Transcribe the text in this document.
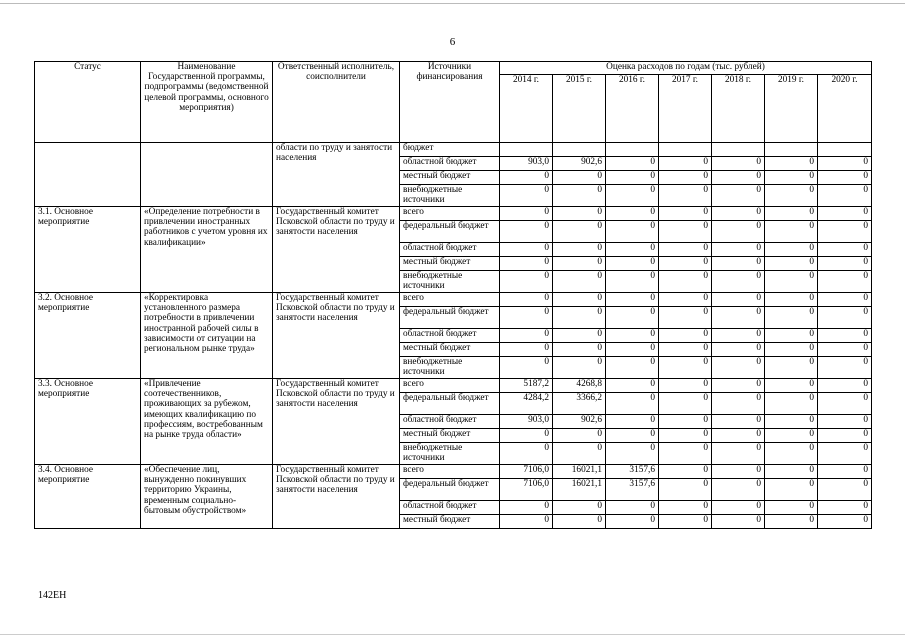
6
Статус	Наименование Государственной программы, подпрограммы (ведомственной целевой программы, основного мероприятия)	Ответственный исполнитель, соисполнители	Источники финансирования	Оценка расходов по годам (тыс. рублей)						
				2014 г.	2015 г.	2016 г.	2017 г.	2018 г.	2019 г.	2020 г.
		области по труду и занятости населения	бюджет							
			областной бюджет	903,0	902,6	0	0	0	0	0
			местный бюджет	0	0	0	0	0	0	0
			внебюджетные источники	0	0	0	0	0	0	0
3.1. Основное мероприятие	«Определение потребности в привлечении иностранных работников с учетом уровня их квалификации»	Государственный комитет Псковской области по труду и занятости населения	всего	0	0	0	0	0	0	0
			федеральный бюджет	0	0	0	0	0	0	0
			областной бюджет	0	0	0	0	0	0	0
			местный бюджет	0	0	0	0	0	0	0
			внебюджетные источники	0	0	0	0	0	0	0
3.2. Основное мероприятие	«Корректировка установленного размера потребности в привлечении иностранной рабочей силы в зависимости от ситуации на региональном рынке труда»	Государственный комитет Псковской области по труду и занятости населения	всего	0	0	0	0	0	0	0
			федеральный бюджет	0	0	0	0	0	0	0
			областной бюджет	0	0	0	0	0	0	0
			местный бюджет	0	0	0	0	0	0	0
			внебюджетные источники	0	0	0	0	0	0	0
3.3. Основное мероприятие	«Привлечение соотечественников, проживающих за рубежом, имеющих квалификацию по профессиям, востребованным на рынке труда области»	Государственный комитет Псковской области по труду и занятости населения	всего	5187,2	4268,8	0	0	0	0	0
			федеральный бюджет	4284,2	3366,2	0	0	0	0	0
			областной бюджет	903,0	902,6	0	0	0	0	0
			местный бюджет	0	0	0	0	0	0	0
			внебюджетные источники	0	0	0	0	0	0	0
3.4. Основное мероприятие	«Обеспечение лиц, вынужденно покинувших территорию Украины, временным социально-бытовым обустройством»	Государственный комитет Псковской области по труду и занятости населения	всего	7106,0	16021,1	3157,6	0	0	0	0
			федеральный бюджет	7106,0	16021,1	3157,6	0	0	0	0
			областной бюджет	0	0	0	0	0	0	0
			местный бюджет	0	0	0	0	0	0	0
142ЕН
